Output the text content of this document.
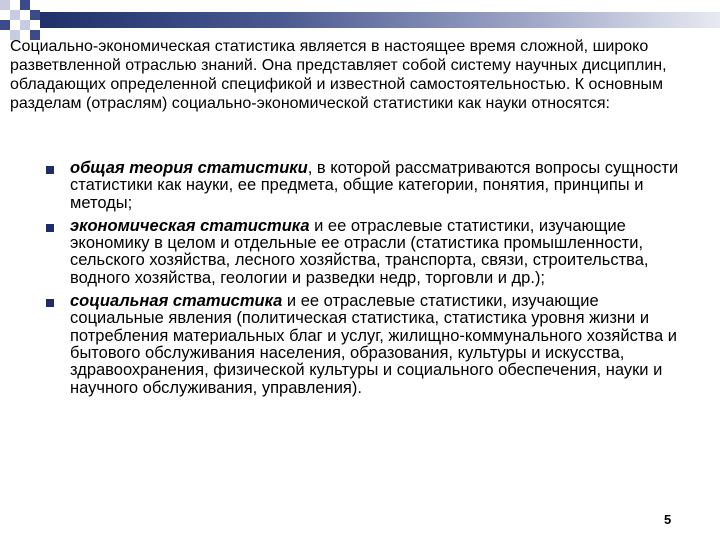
Социально-экономическая статистика является в настоящее время сложной, широко разветвленной отраслью знаний. Она представляет собой систему научных дисциплин, обладающих определенной спецификой и известной самостоятельностью. К основным разделам (отраслям) социально-экономической статистики как науки относятся:

общая теория статистики, в которой рассматриваются вопросы сущности статистики как науки, ее предмета, общие категории, понятия, принципы и методы;
экономическая статистика и ее отраслевые статистики, изучающие экономику в целом и отдельные ее отрасли (статистика промышленности, сельского хозяйства, лесного хозяйства, транспорта, связи, строительства, водного хозяйства, геологии и разведки недр, торговли и др.);
социальная статистика и ее отраслевые статистики, изучающие социальные явления (политическая статистика, статистика уровня жизни и потребления материальных благ и услуг, жилищно-коммунального хозяйства и бытового обслуживания населения, образования, культуры и искусства, здравоохранения, физической культуры и социального обеспечения, науки и научного обслуживания, управления).
5
